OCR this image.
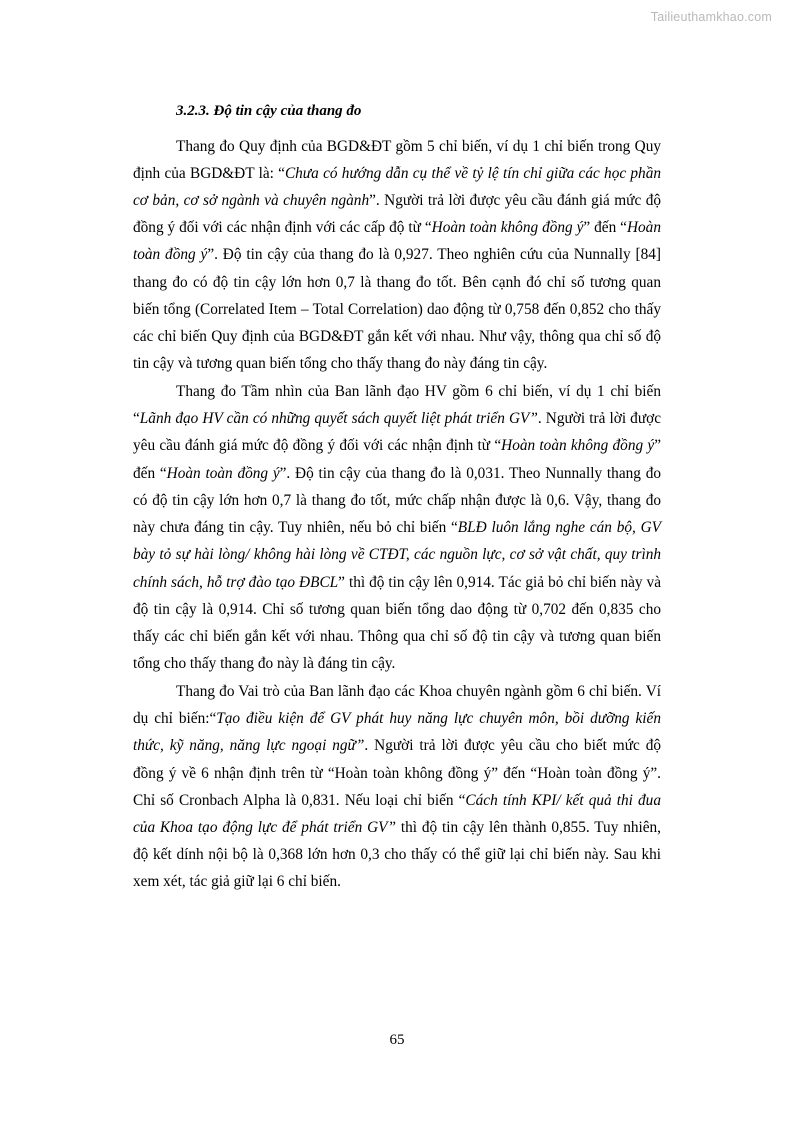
Tailieuthamkhao.com
3.2.3. Độ tin cậy của thang đo

Thang đo Quy định của BGD&ĐT gồm 5 chỉ biến, ví dụ 1 chỉ biến trong Quy định của BGD&ĐT là: “Chưa có hướng dẫn cụ thể về tỷ lệ tín chỉ giữa các học phần cơ bản, cơ sở ngành và chuyên ngành”. Người trả lời được yêu cầu đánh giá mức độ đồng ý đối với các nhận định với các cấp độ từ “Hoàn toàn không đồng ý” đến “Hoàn toàn đồng ý”. Độ tin cậy của thang đo là 0,927. Theo nghiên cứu của Nunnally [84] thang đo có độ tin cậy lớn hơn 0,7 là thang đo tốt. Bên cạnh đó chỉ số tương quan biến tổng (Correlated Item – Total Correlation) dao động từ 0,758 đến 0,852 cho thấy các chỉ biến Quy định của BGD&ĐT gắn kết với nhau. Như vậy, thông qua chỉ số độ tin cậy và tương quan biến tổng cho thấy thang đo này đáng tin cậy.

Thang đo Tầm nhìn của Ban lãnh đạo HV gồm 6 chỉ biến, ví dụ 1 chỉ biến “Lãnh đạo HV cần có những quyết sách quyết liệt phát triển GV”. Người trả lời được yêu cầu đánh giá mức độ đồng ý đối với các nhận định từ “Hoàn toàn không đồng ý” đến “Hoàn toàn đồng ý”. Độ tin cậy của thang đo là 0,031. Theo Nunnally thang đo có độ tin cậy lớn hơn 0,7 là thang đo tốt, mức chấp nhận được là 0,6. Vậy, thang đo này chưa đáng tin cậy. Tuy nhiên, nếu bỏ chỉ biến “BLĐ luôn lắng nghe cán bộ, GV bày tỏ sự hài lòng/ không hài lòng về CTĐT, các nguồn lực, cơ sở vật chất, quy trình chính sách, hỗ trợ đào tạo ĐBCL” thì độ tin cậy lên 0,914. Tác giả bỏ chỉ biến này và độ tin cậy là 0,914. Chỉ số tương quan biến tổng dao động từ 0,702 đến 0,835 cho thấy các chỉ biến gắn kết với nhau. Thông qua chỉ số độ tin cậy và tương quan biến tổng cho thấy thang đo này là đáng tin cậy.

Thang đo Vai trò của Ban lãnh đạo các Khoa chuyên ngành gồm 6 chỉ biến. Ví dụ chỉ biến:“Tạo điều kiện để GV phát huy năng lực chuyên môn, bồi dưỡng kiến thức, kỹ năng, năng lực ngoại ngữ”. Người trả lời được yêu cầu cho biết mức độ đồng ý về 6 nhận định trên từ “Hoàn toàn không đồng ý” đến “Hoàn toàn đồng ý”. Chỉ số Cronbach Alpha là 0,831. Nếu loại chỉ biến “Cách tính KPI/ kết quả thi đua của Khoa tạo động lực để phát triển GV” thì độ tin cậy lên thành 0,855. Tuy nhiên, độ kết dính nội bộ là 0,368 lớn hơn 0,3 cho thấy có thể giữ lại chỉ biến này. Sau khi xem xét, tác giả giữ lại 6 chỉ biến.

65
